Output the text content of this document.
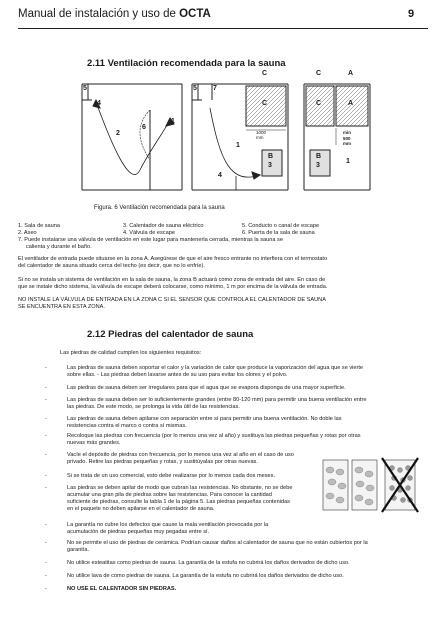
Manual de instalación y uso de OCTA	9
2.11 Ventilación recomendada para la sauna
5
4
6
1
2
C
5 7
C
1
B
3
4
1000 mm
C	A
C	A
B
3
1
min
500 mm
Figura. 6 Ventilación recomendada para la sauna
1. Sala de sauna
2. Aseo
3. Calentador de sauna eléctrico
4. Válvula de escape
5. Conducto o canal de escape
6. Puerta de la sala de sauna
7. Puede instalarse una válvula de ventilación en este lugar para mantenerla cerrada, mientras la sauna se
calienta y durante el baño.
El ventilador de entrada puede situarse en la zona A. Asegúrese de que el aire fresco entrante no interfiera con el termostato
del calentador de sauna situado cerca del techo (es decir, que no lo enfríe).
Si no se instala un sistema de ventilación en la sala de sauna, la zona B actuará como zona de entrada del aire. En caso de
que se instale dicho sistema, la válvula de escape deberá colocarse, como mínimo, 1 m por encima de la válvula de entrada.
NO INSTALE LA VÁLVULA DE ENTRADA EN LA ZONA C SI EL SENSOR QUE CONTROLA EL CALENTADOR DE SAUNA
SE ENCUENTRA EN ESTA ZONA.
2.12 Piedras del calentador de sauna
Las piedras de calidad cumplen los siguientes requisitos:
-	Las piedras de sauna deben soportar el calor y la variación de calor que produce la vaporización del agua que se vierte
sobre ellas. - Las piedras deben lavarse antes de su uso para evitar los olores y el polvo.
-	Las piedras de sauna deben ser irregulares para que el agua que se evapora disponga de una mayor superficie.
-	Las piedras de sauna deben ser lo suficientemente grandes (entre 80-120 mm) para permitir una buena ventilación entre
las piedras. De este modo, se prolonga la vida útil de las resistencias.
-	Las piedras de sauna deben apilarse con separación entre sí para permitir una buena ventilación. No doble las
resistencias contra el marco o contra sí mismas.
-	Recoloque las piedras con frecuencia (por lo menos una vez al año) y sustituya las piedras pequeñas y rotas por otras
nuevas más grandes.
-	Vacíe el depósito de piedras con frecuencia, por lo menos una vez al año en el caso de uso
privado. Retire las piedras pequeñas y rotas, y sustitúyalas por otras nuevas.
-	Si se trata de un uso comercial, esto debe realizarse por lo menos cada dos meses.
-	Las piedras se deben apilar de modo que cubran las resistencias. No obstante, no se debe
acumular una gran pila de piedras sobre las resistencias. Para conocer la cantidad
suficiente de piedras, consulte la tabla 1 de la página 5. Las piedras pequeñas contenidas
en el paquete no deben apilarse en el calentador de sauna.
-	La garantía no cubre los defectos que cause la mala ventilación provocada por la
acumulación de piedras pequeñas muy pegadas entre sí.
-	No se permite el uso de piedras de cerámica. Podrían causar daños al calentador de sauna que no están cubiertos por la
garantía.
-	No utilice esteatitas como piedras de sauna. La garantía de la estufa no cubrirá los daños derivados de dicho uso.
-	No utilice lava de como piedras de sauna. La garantía de la estufa no cubrirá los daños derivados de dicho uso.
-	NO USE EL CALENTADOR SIN PIEDRAS.
